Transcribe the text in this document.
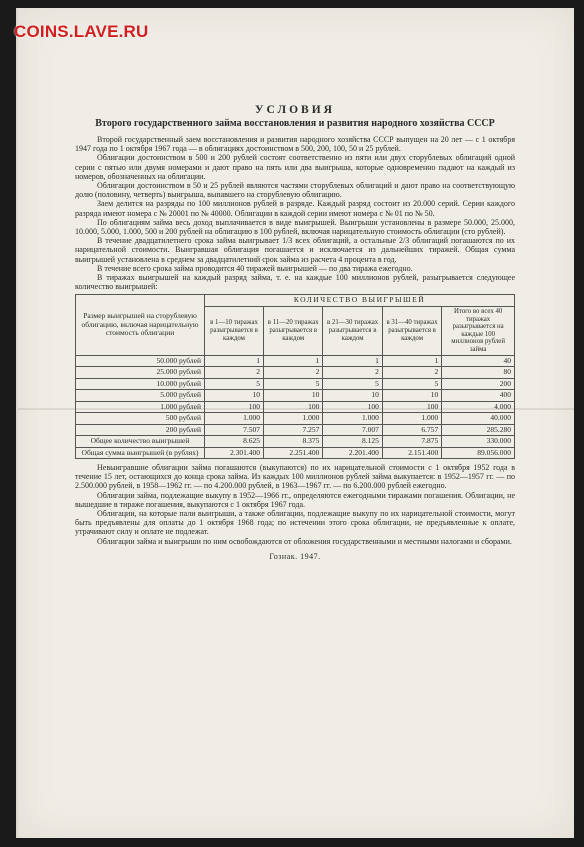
COINS.LAVE.RU
УСЛОВИЯ
Второго государственного займа восстановления и развития народного хозяйства СССР

Второй государственный заем восстановления и развития народного хозяйства СССР выпущен на 20 лет — с 1 октября 1947 года по 1 октября 1967 года — в облигациях достоинством в 500, 200, 100, 50 и 25 рублей.

Облигации достоинством в 500 и 200 рублей состоят соответственно из пяти или двух сторублевых облигаций одной серии с пятью или двумя номерами и дают право на пять или два выигрыша, которые одновременно падают на каждый из номеров, обозначенных на облигации.

Облигации достоинством в 50 и 25 рублей являются частями сторублевых облигаций и дают право на соответствующую долю (половину, четверть) выигрыша, выпавшего на сторублевую облигацию.

Заем делится на разряды по 100 миллионов рублей в разряде. Каждый разряд состоит из 20.000 серий. Серии каждого разряда имеют номера с № 20001 по № 40000. Облигации в каждой серии имеют номера с № 01 по № 50.

По облигациям займа весь доход выплачивается в виде выигрышей. Выигрыши установлены в размере 50.000, 25.000, 10.000, 5.000, 1.000, 500 и 200 рублей на облигацию в 100 рублей, включая нарицательную стоимость облигации (сто рублей).

В течение двадцатилетнего срока займа выигрывает 1/3 всех облигаций, а остальные 2/3 облигаций погашаются по их нарицательной стоимости. Выигравшая облигация погашается и исключается из дальнейших тиражей. Общая сумма выигрышей установлена в среднем за двадцатилетний срок займа из расчета 4 процента в год.

В течение всего срока займа проводится 40 тиражей выигрышей — по два тиража ежегодно.

В тиражах выигрышей на каждый разряд займа, т. е. на каждые 100 миллионов рублей, разыгрывается следующее количество выигрышей:

Размер выигрышей на сторублевую облигацию, включая нарицательную стоимость облигации	КОЛИЧЕСТВО ВЫИГРЫШЕЙ				
	в 1—10 тиражах разыгрывается в каждом	в 11—20 тиражах разыгрывается в каждом	в 21—30 тиражах разыгрывается в каждом	в 31—40 тиражах разыгрывается в каждом	Итого во всех 40 тиражах разыгрывается на каждые 100 миллионов рублей займа
50.000 рублей	1	1	1	1	40
25.000 рублей	2	2	2	2	80
10.000 рублей	5	5	5	5	200
5.000 рублей	10	10	10	10	400
1.000 рублей	100	100	100	100	4.000
500 рублей	1.000	1.000	1.000	1.000	40.000
200 рублей	7.507	7.257	7.007	6.757	285.280
Общее количество выигрышей	8.625	8.375	8.125	7.875	330.000
Общая сумма выигрышей (в рублях)	2.301.400	2.251.400	2.201.400	2.151.400	89.056.000

Невыигравшие облигации займа погашаются (выкупаются) по их нарицательной стоимости с 1 октября 1952 года в течение 15 лет, остающихся до конца срока займа. Из каждых 100 миллионов рублей займа выкупается: в 1952—1957 гг. — по 2.500.000 рублей, в 1958—1962 гг. — по 4.200.000 рублей, в 1963—1967 гг. — по 6.200.000 рублей ежегодно.

Облигации займа, подлежащие выкупу в 1952—1966 гг., определяются ежегодными тиражами погашения. Облигации, не вышедшие в тираже погашения, выкупаются с 1 октября 1967 года.

Облигации, на которые пали выигрыши, а также облигации, подлежащие выкупу по их нарицательной стоимости, могут быть предъявлены для оплаты до 1 октября 1968 года; по истечении этого срока облигации, не предъявленные к оплате, утрачивают силу и оплате не подлежат.

Облигации займа и выигрыши по ним освобождаются от обложения государственными и местными налогами и сборами.

Гознак. 1947.
